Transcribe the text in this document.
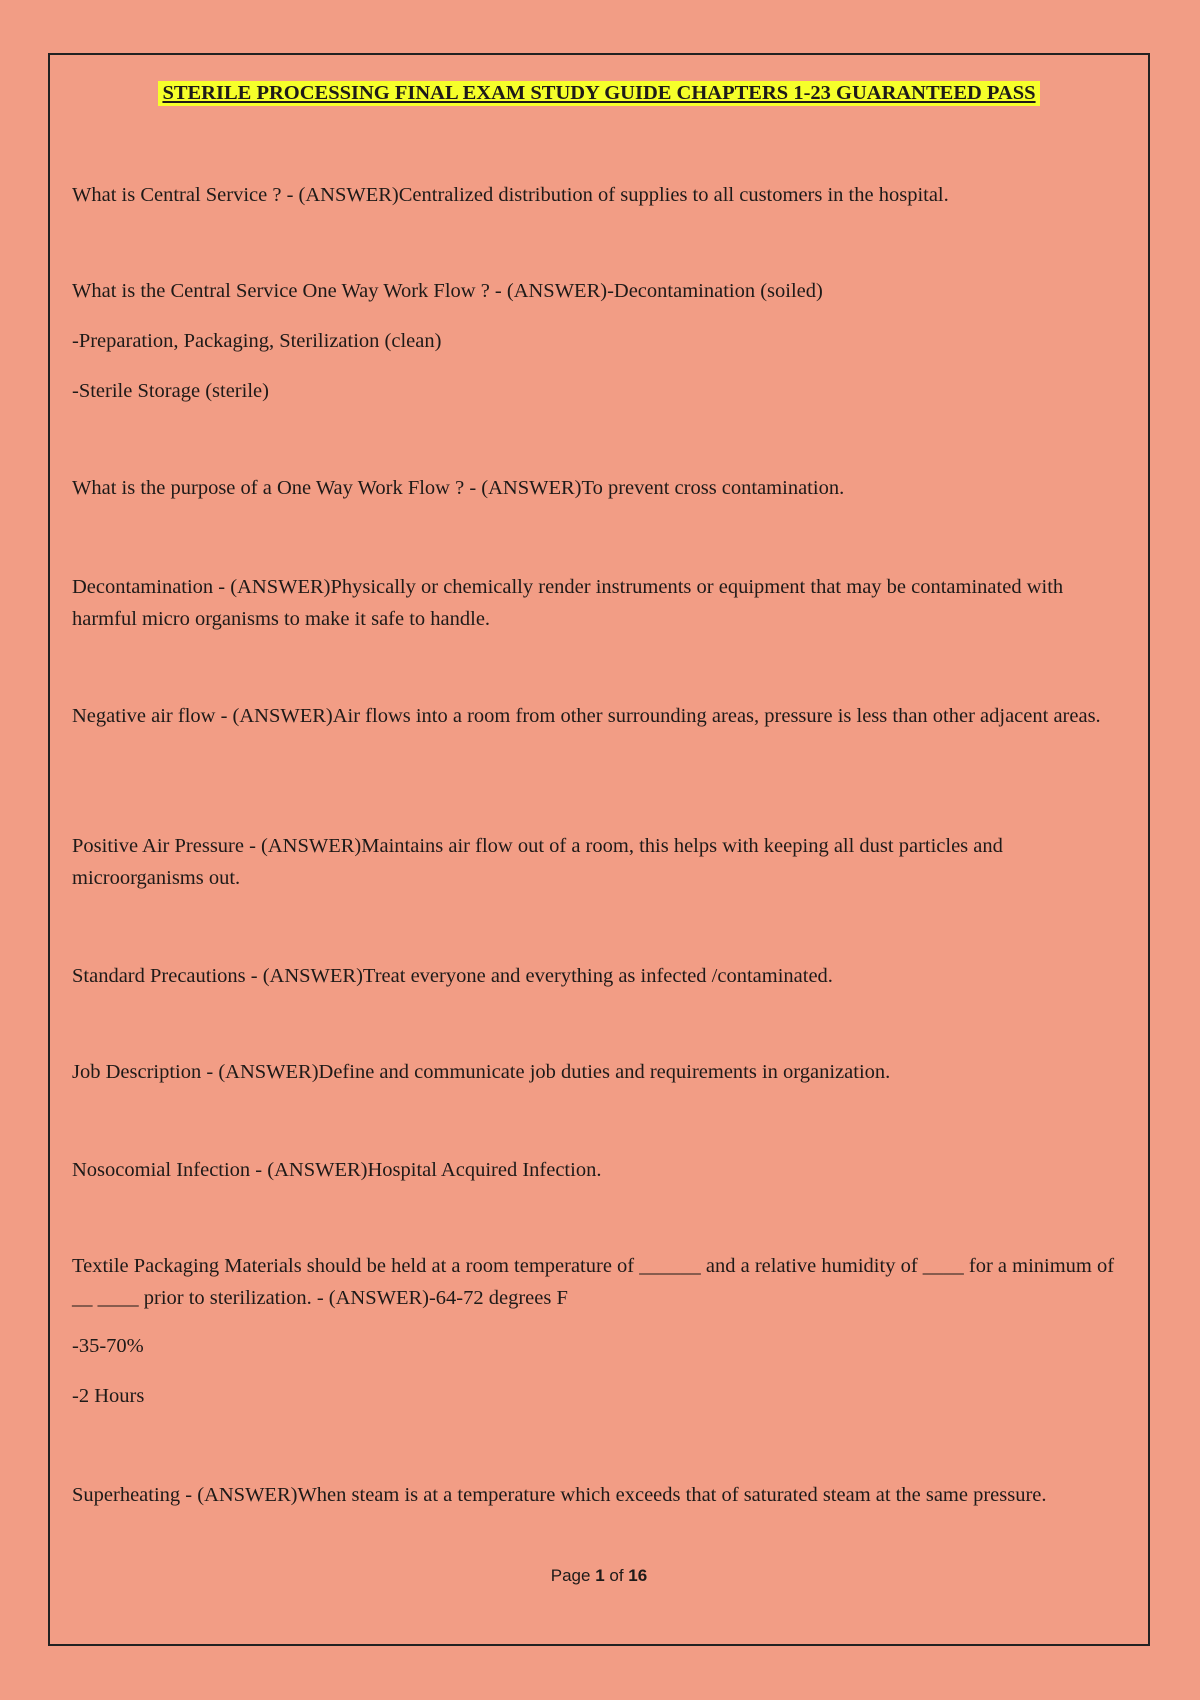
STERILE PROCESSING FINAL EXAM STUDY GUIDE CHAPTERS 1-23 GUARANTEED PASS
What is Central Service ? - (ANSWER)Centralized distribution of supplies to all customers in the hospital.
What is the Central Service One Way Work Flow ? - (ANSWER)-Decontamination (soiled)
-Preparation, Packaging, Sterilization (clean)
-Sterile Storage (sterile)
What is the purpose of a One Way Work Flow ? - (ANSWER)To prevent cross contamination.
Decontamination - (ANSWER)Physically or chemically render instruments or equipment that may be contaminated with harmful micro organisms to make it safe to handle.
Negative air flow - (ANSWER)Air flows into a room from other surrounding areas, pressure is less than other adjacent areas.
Positive Air Pressure - (ANSWER)Maintains air flow out of a room, this helps with keeping all dust particles and microorganisms out.
Standard Precautions - (ANSWER)Treat everyone and everything as infected /contaminated.
Job Description - (ANSWER)Define and communicate job duties and requirements in organization.
Nosocomial Infection - (ANSWER)Hospital Acquired Infection.
Textile Packaging Materials should be held at a room temperature of ______ and a relative humidity of ____ for a minimum of __ ____ prior to sterilization. - (ANSWER)-64-72 degrees F
-35-70%
-2 Hours
Superheating - (ANSWER)When steam is at a temperature which exceeds that of saturated steam at the same pressure.
Page 1 of 16
